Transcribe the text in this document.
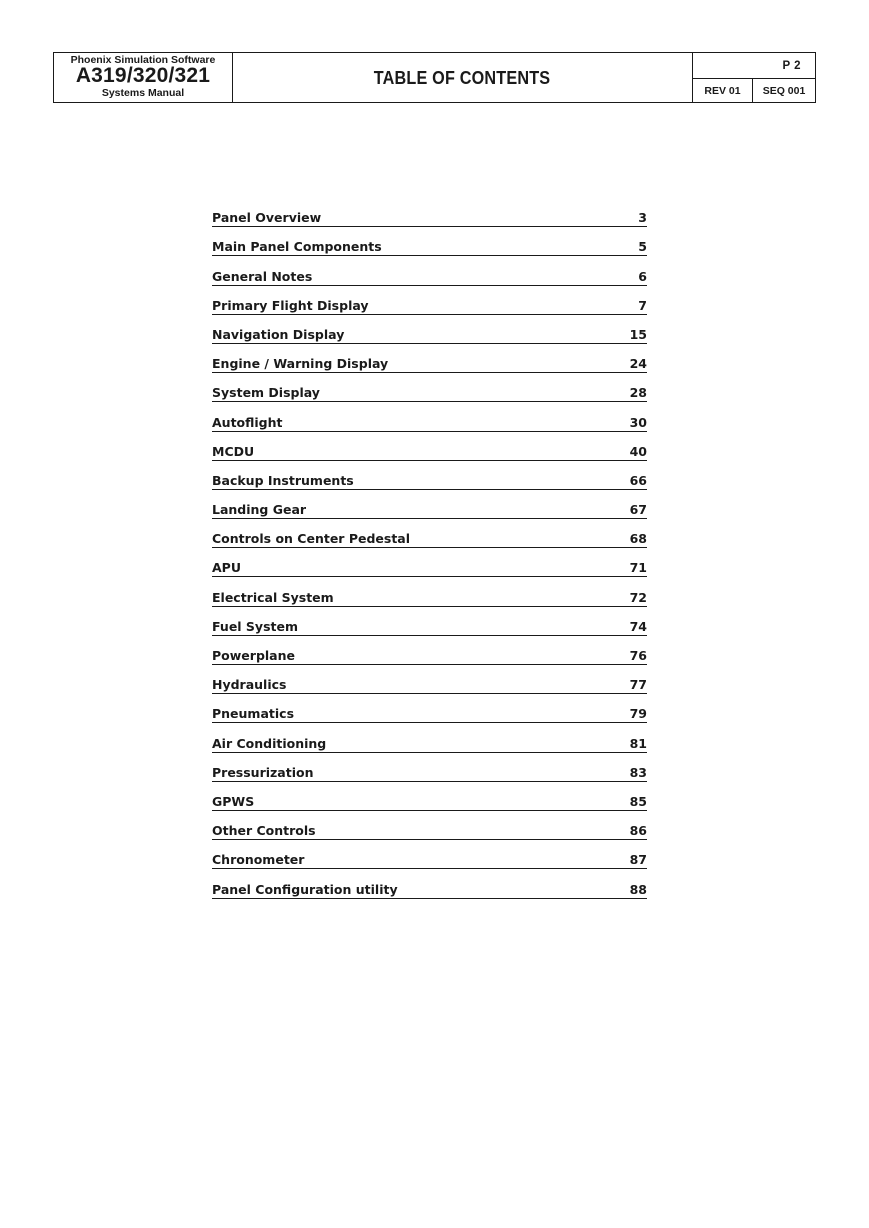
Phoenix Simulation Software
A319/320/321
Systems Manual
TABLE OF CONTENTS
P 2
REV 01	SEQ 001
Panel Overview	3
Main Panel Components	5
General Notes	6
Primary Flight Display	7
Navigation Display	15
Engine / Warning Display	24
System Display	28
Autoflight	30
MCDU	40
Backup Instruments	66
Landing Gear	67
Controls on Center Pedestal	68
APU	71
Electrical System	72
Fuel System	74
Powerplane	76
Hydraulics	77
Pneumatics	79
Air Conditioning	81
Pressurization	83
GPWS	85
Other Controls	86
Chronometer	87
Panel Configuration utility	88
